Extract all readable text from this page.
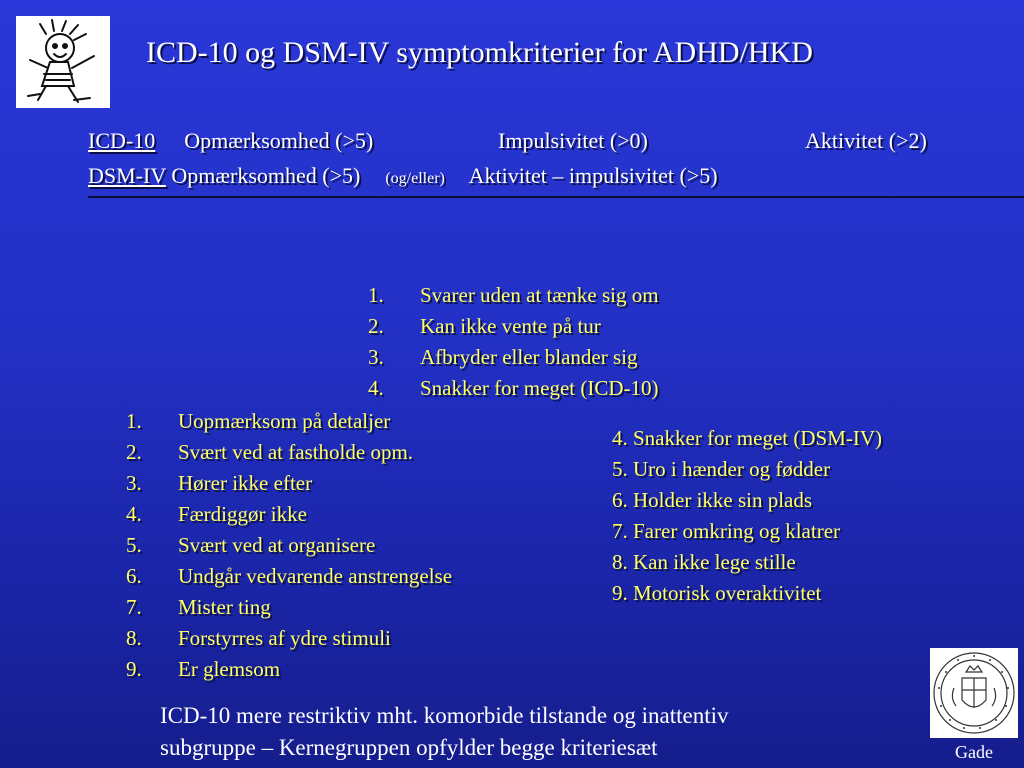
ICD-10 og DSM-IV symptomkriterier for ADHD/HKD
ICD-10 Opmærksomhed (>5)	Impulsivitet (>0)	Aktivitet (>2)
DSM-IV Opmærksomhed (>5) (og/eller) Aktivitet – impulsivitet (>5)
1.	Svarer uden at tænke sig om
2.	Kan ikke vente på tur
3.	Afbryder eller blander sig
4.	Snakker for meget (ICD-10)
1.	Uopmærksom på detaljer
2.	Svært ved at fastholde opm.
3.	Hører ikke efter
4.	Færdiggør ikke
5.	Svært ved at organisere
6.	Undgår vedvarende anstrengelse
7.	Mister ting
8.	Forstyrres af ydre stimuli
9.	Er glemsom
4. Snakker for meget (DSM-IV)
5. Uro i hænder og fødder
6. Holder ikke sin plads
7. Farer omkring og klatrer
8. Kan ikke lege stille
9. Motorisk overaktivitet
ICD-10 mere restriktiv mht. komorbide tilstande og inattentiv
subgruppe – Kernegruppen opfylder begge kriteriesæt	Gade
